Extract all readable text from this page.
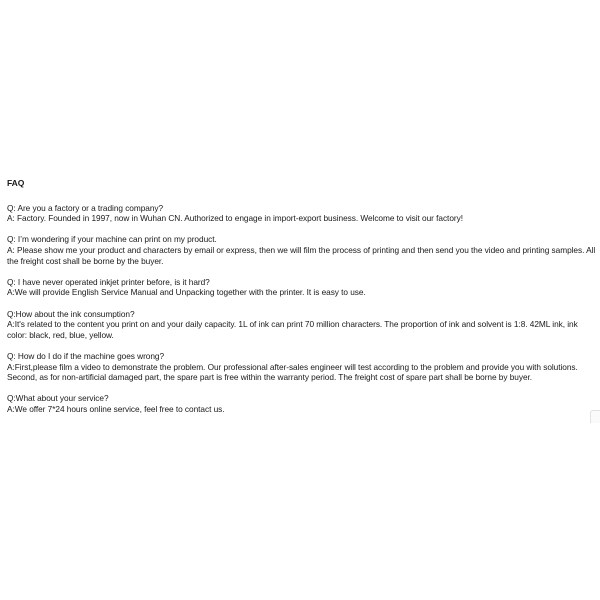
FAQ

Q: Are you a factory or a trading company?

A: Factory. Founded in 1997, now in Wuhan CN. Authorized to engage in import-export business. Welcome to visit our factory!

Q: I’m wondering if your machine can print on my product.

A: Please show me your product and characters by email or express, then we will film the process of printing and then send you the video and printing samples. All the freight cost shall be borne by the buyer.

Q: I have never operated inkjet printer before, is it hard?

A:We will provide English Service Manual and Unpacking together with the printer. It is easy to use.

Q:How about the ink consumption?

A:It's related to the content you print on and your daily capacity. 1L of ink can print 70 million characters. The proportion of ink and solvent is 1:8. 42ML ink, ink color: black, red, blue, yellow.

Q: How do I do if the machine goes wrong?

A:First,please film a video to demonstrate the problem. Our professional after-sales engineer will test according to the problem and provide you with solutions.

Second, as for non-artificial damaged part, the spare part is free within the warranty period. The freight cost of spare part shall be borne by buyer.

Q:What about your service?

A:We offer 7*24 hours online service, feel free to contact us.
